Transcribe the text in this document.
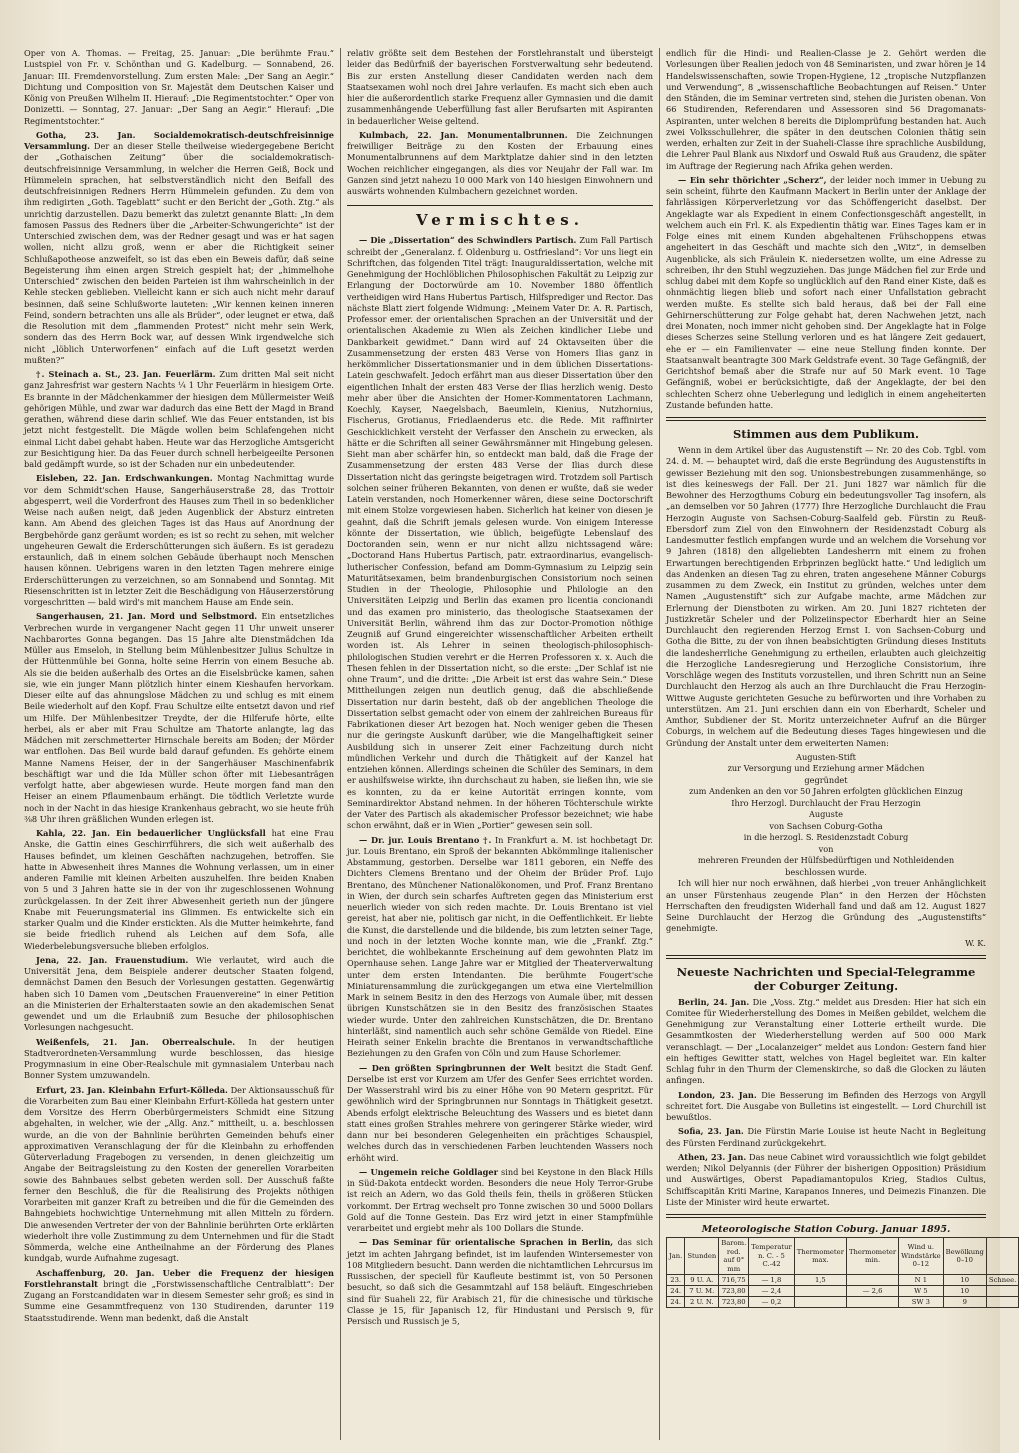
Oper von A. Thomas. — Freitag, 25. Januar: „Die berühmte Frau.“ Lustspiel von Fr. v. Schönthan und G. Kadelburg. — Sonnabend, 26. Januar: III. Fremdenvorstellung. Zum ersten Male: „Der Sang an Aegir.“ Dichtung und Composition von Sr. Majestät dem Deutschen Kaiser und König von Preußen Wilhelm II. Hierauf: „Die Regimentstochter.“ Oper von Donizetti. — Sonntag, 27. Januar: „Der Sang an Aegir.“ Hierauf: „Die Regimentstochter.“

Gotha, 23. Jan. Socialdemokratisch-deutschfreisinnige Versammlung. Der an dieser Stelle theilweise wiedergegebene Bericht der „Gothaischen Zeitung“ über die socialdemokratisch-deutschfreisinnige Versammlung, in welcher die Herren Geiß, Bock und Hümmelein sprachen, hat selbstverständlich nicht den Beifall des deutschfreisinnigen Redners Herrn Hümmelein gefunden. Zu dem von ihm redigirten „Goth. Tageblatt“ sucht er den Bericht der „Goth. Ztg.“ als unrichtig darzustellen. Dazu bemerkt das zuletzt genannte Blatt: „In dem famosen Passus des Redners über die „Arbeiter-Schwungerichte“ ist der Unterschied zwischen dem, was der Redner gesagt und was er hat sagen wollen, nicht allzu groß, wenn er aber die Richtigkeit seiner Schlußapotheose anzweifelt, so ist das eben ein Beweis dafür, daß seine Begeisterung ihm einen argen Streich gespielt hat; der „himmelhohe Unterschied“ zwischen den beiden Parteien ist ihm wahrscheinlich in der Kehle stecken geblieben. Vielleicht kann er sich auch nicht mehr darauf besinnen, daß seine Schlußworte lauteten: „Wir kennen keinen inneren Feind, sondern betrachten uns alle als Brüder“, oder leugnet er etwa, daß die Resolution mit dem „flammenden Protest“ nicht mehr sein Werk, sondern das des Herrn Bock war, auf dessen Wink irgendwelche sich nicht „löblich Unterworfenen“ einfach auf die Luft gesetzt werden mußten?“

†. Steinach a. St., 23. Jan. Feuerlärm. Zum dritten Mal seit nicht ganz Jahresfrist war gestern Nachts ¼ 1 Uhr Feuerlärm in hiesigem Orte. Es brannte in der Mädchenkammer der hiesigen dem Müllermeister Weiß gehörigen Mühle, und zwar war dadurch das eine Bett der Magd in Brand gerathen, während diese darin schlief. Wie das Feuer entstanden, ist bis jetzt nicht festgestellt. Die Mägde wollen beim Schlafengehen nicht einmal Licht dabei gehabt haben. Heute war das Herzogliche Amtsgericht zur Besichtigung hier. Da das Feuer durch schnell herbeigeeilte Personen bald gedämpft wurde, so ist der Schaden nur ein unbedeutender.

Eisleben, 22. Jan. Erdschwankungen. Montag Nachmittag wurde vor dem Schmidt'schen Hause, Sangerhäuserstraße 28, das Trottoir abgesperrt, weil die Vorderfront des Hauses zum Theil in so bedenklicher Weise nach außen neigt, daß jeden Augenblick der Absturz eintreten kann. Am Abend des gleichen Tages ist das Haus auf Anordnung der Bergbehörde ganz geräumt worden; es ist so recht zu sehen, mit welcher ungeheuren Gewalt die Erderschütterungen sich äußern. Es ist geradezu erstaunlich, daß in einem solchen Gebäude überhaupt noch Menschen hausen können. Uebrigens waren in den letzten Tagen mehrere einige Erderschütterungen zu verzeichnen, so am Sonnabend und Sonntag. Mit Riesenschritten ist in letzter Zeit die Beschädigung von Häuserzerstörung vorgeschritten — bald wird's mit manchem Hause am Ende sein.

Sangerhausen, 21. Jan. Mord und Selbstmord. Ein entsetzliches Verbrechen wurde in vergangener Nacht gegen 11 Uhr unweit unserer Nachbarortes Gonna begangen. Das 15 Jahre alte Dienstmädchen Ida Müller aus Emseloh, in Stellung beim Mühlenbesitzer Julius Schultze in der Hüttenmühle bei Gonna, holte seine Herrin von einem Besuche ab. Als sie die beiden außerhalb des Ortes an die Eiselsbrücke kamen, sahen sie, wie ein junger Mann plötzlich hinter einem Kieshaufen hervorkam. Dieser eilte auf das ahnungslose Mädchen zu und schlug es mit einem Beile wiederholt auf den Kopf. Frau Schultze eilte entsetzt davon und rief um Hilfe. Der Mühlenbesitzer Treydte, der die Hilferufe hörte, eilte herbei, als er aber mit Frau Schultze am Thatorte anlangte, lag das Mädchen mit zerschmetterter Hirnschale bereits am Boden; der Mörder war entflohen. Das Beil wurde bald darauf gefunden. Es gehörte einem Manne Namens Heiser, der in der Sangerhäuser Maschinenfabrik beschäftigt war und die Ida Müller schon öfter mit Liebesanträgen verfolgt hatte, aber abgewiesen wurde. Heute morgen fand man den Heiser an einem Pflaumenbaum erhängt. Die tödtlich Verletzte wurde noch in der Nacht in das hiesige Krankenhaus gebracht, wo sie heute früh ⅜8 Uhr ihren gräßlichen Wunden erlegen ist.

Kahla, 22. Jan. Ein bedauerlicher Unglücksfall hat eine Frau Anske, die Gattin eines Geschirrführers, die sich weit außerhalb des Hauses befindet, um kleinen Geschäften nachzugehen, betroffen. Sie hatte in Abwesenheit ihres Mannes die Wohnung verlassen, um in einer anderen Familie mit kleinen Arbeiten auszuhelfen. Ihre beiden Knaben von 5 und 3 Jahren hatte sie in der von ihr zugeschlossenen Wohnung zurückgelassen. In der Zeit ihrer Abwesenheit gerieth nun der jüngere Knabe mit Feuerungsmaterial ins Glimmen. Es entwickelte sich ein starker Qualm und die Kinder erstickten. Als die Mutter heimkehrte, fand sie beide friedlich ruhend als Leichen auf dem Sofa, alle Wiederbelebungsversuche blieben erfolglos.

Jena, 22. Jan. Frauenstudium. Wie verlautet, wird auch die Universität Jena, dem Beispiele anderer deutscher Staaten folgend, demnächst Damen den Besuch der Vorlesungen gestatten. Gegenwärtig haben sich 10 Damen vom „Deutschen Frauenvereine“ in einer Petition an die Ministerien der Erhalterstaaten sowie an den akademischen Senat gewendet und um die Erlaubniß zum Besuche der philosophischen Vorlesungen nachgesucht.

Weißenfels, 21. Jan. Oberrealschule. In der heutigen Stadtverordneten-Versammlung wurde beschlossen, das hiesige Progymnasium in eine Ober-Realschule mit gymnasialem Unterbau nach Bonner System umzuwandeln.

Erfurt, 23. Jan. Kleinbahn Erfurt-Kölleda. Der Aktionsausschuß für die Vorarbeiten zum Bau einer Kleinbahn Erfurt-Kölleda hat gestern unter dem Vorsitze des Herrn Oberbürgermeisters Schmidt eine Sitzung abgehalten, in welcher, wie der „Allg. Anz.“ mittheilt, u. a. beschlossen wurde, an die von der Bahnlinie berührten Gemeinden behufs einer approximativen Veranschlagung der für die Kleinbahn zu erhoffenden Güterverladung Fragebogen zu versenden, in denen gleichzeitig um Angabe der Beitragsleistung zu den Kosten der generellen Vorarbeiten sowie des Bahnbaues selbst gebeten werden soll. Der Ausschuß faßte ferner den Beschluß, die für die Realisirung des Projekts nöthigen Vorarbeiten mit ganzer Kraft zu betreiben und die für die Gemeinden des Bahngebiets hochwichtige Unternehmung mit allen Mitteln zu fördern. Die anwesenden Vertreter der von der Bahnlinie berührten Orte erklärten wiederholt ihre volle Zustimmung zu dem Unternehmen und für die Stadt Sömmerda, welche eine Antheilnahme an der Förderung des Planes kundgab, wurde Aufnahme zugesagt.

Aschaffenburg, 20. Jan. Ueber die Frequenz der hiesigen Forstlehranstalt bringt die „Forstwissenschaftliche Centralblatt“: Der Zugang an Forstcandidaten war in diesem Semester sehr groß; es sind in Summe eine Gesammtfrequenz von 130 Studirenden, darunter 119 Staatsstudirende. Wenn man bedenkt, daß die Anstalt

relativ größte seit dem Bestehen der Forstlehranstalt und übersteigt leider das Bedürfniß der bayerischen Forstverwaltung sehr bedeutend. Bis zur ersten Anstellung dieser Candidaten werden nach dem Staatsexamen wohl noch drei Jahre verlaufen. Es macht sich eben auch hier die außerordentlich starke Frequenz aller Gymnasien und die damit zusammenhängende Ueberfüllung fast aller Berufsarten mit Aspiranten in bedauerlicher Weise geltend.

Kulmbach, 22. Jan. Monumentalbrunnen. Die Zeichnungen freiwilliger Beiträge zu den Kosten der Erbauung eines Monumentalbrunnens auf dem Marktplatze dahier sind in den letzten Wochen reichlicher eingegangen, als dies vor Neujahr der Fall war. Im Ganzen sind jetzt nahezu 10 000 Mark von 140 hiesigen Einwohnern und auswärts wohnenden Kulmbachern gezeichnet worden.

Vermischtes.

— Die „Dissertation“ des Schwindlers Partisch. Zum Fall Partisch schreibt der „Generalanz. f. Oldenburg u. Ostfriesland“: Vor uns liegt ein Schriftchen, das folgenden Titel trägt: Inauguraldissertation, welche mit Genehmigung der Hochlöblichen Philosophischen Fakultät zu Leipzig zur Erlangung der Doctorwürde am 10. November 1880 öffentlich vertheidigen wird Hans Hubertus Partisch, Hilfsprediger und Rector. Das nächste Blatt ziert folgende Widmung: „Meinem Vater Dr. A. R. Partisch, Professor emer. der orientalischen Sprachen an der Universität und der orientalischen Akademie zu Wien als Zeichen kindlicher Liebe und Dankbarkeit gewidmet.“ Dann wird auf 24 Oktavseiten über die Zusammensetzung der ersten 483 Verse von Homers Ilias ganz in herkömmlicher Dissertationsmanier und in dem üblichen Dissertations-Latein geschwafelt. Jedoch erfährt man aus dieser Dissertation über den eigentlichen Inhalt der ersten 483 Verse der Ilias herzlich wenig. Desto mehr aber über die Ansichten der Homer-Kommentatoren Lachmann, Koechly, Kayser, Naegelsbach, Baeumlein, Kienius, Nutzhornius, Fischerus, Grotianus, Friedlaenderus etc. die Rede. Mit raffinirter Geschicklichkeit versteht der Verfasser den Anschein zu erwecken, als hätte er die Schriften all seiner Gewährsmänner mit Hingebung gelesen. Sieht man aber schärfer hin, so entdeckt man bald, daß die Frage der Zusammensetzung der ersten 483 Verse der Ilias durch diese Dissertation nicht das geringste beigetragen wird. Trotzdem soll Partisch solchen seiner früheren Bekannten, von denen er wußte, daß sie weder Latein verstanden, noch Homerkenner wären, diese seine Doctorschrift mit einem Stolze vorgewiesen haben. Sicherlich hat keiner von diesen je geahnt, daß die Schrift jemals gelesen wurde. Von einigem Interesse könnte der Dissertation, wie üblich, beigefügte Lebenslauf des Doctoranden sein, wenn er nur nicht allzu nichtssagend wäre: „Doctorand Hans Hubertus Partisch, patr. extraordinarius, evangelisch-lutherischer Confession, befand am Domm-Gymnasium zu Leipzig sein Maturitätsexamen, beim brandenburgischen Consistorium noch seinen Studien in der Theologie, Philosophie und Philologie an den Universitäten Leipzig und Berlin das examen pro licentia concionandi und das examen pro ministerio, das theologische Staatsexamen der Universität Berlin, während ihm das zur Doctor-Promotion nöthige Zeugniß auf Grund eingereichter wissenschaftlicher Arbeiten ertheilt worden ist. Als Lehrer in seinen theologisch-philosophisch-philologischen Studien verehrt er die Herren Professoren x. x. Auch die Thesen fehlen in der Dissertation nicht, so die erste: „Der Schlaf ist nie ohne Traum“, und die dritte: „Die Arbeit ist erst das wahre Sein.“ Diese Mittheilungen zeigen nun deutlich genug, daß die abschließende Dissertation nur darin besteht, daß ob der angeblichen Theologe die Dissertation selbst gemacht oder von einem der zahlreichen Bureaus für Fabrikationen dieser Art bezogen hat. Noch weniger geben die Thesen nur die geringste Auskunft darüber, wie die Mangelhaftigkeit seiner Ausbildung sich in unserer Zeit einer Fachzeitung durch nicht mündlichen Verkehr und durch die Thätigkeit auf der Kanzel hat entziehen können. Allerdings scheinen die Schüler des Seminars, in dem er aushilfsweise wirkte, ihn durchschaut zu haben, sie ließen ihn, wie sie es konnten, zu da er keine Autorität erringen konnte, vom Seminardirektor Abstand nehmen. In der höheren Töchterschule wirkte der Vater des Partisch als akademischer Professor bezeichnet; wie habe schon erwähnt, daß er in Wien „Portier“ gewesen sein soll.

— Dr. jur. Louis Brentano †. In Frankfurt a. M. ist hochbetagt Dr. jur. Louis Brentano, ein Sproß der bekannten Abkömmlinge italienischer Abstammung, gestorben. Derselbe war 1811 geboren, ein Neffe des Dichters Clemens Brentano und der Oheim der Brüder Prof. Lujo Brentano, des Münchener Nationalökonomen, und Prof. Franz Brentano in Wien, der durch sein scharfes Auftreten gegen das Ministerium erst neuerlich wieder von sich reden machte. Dr. Louis Brentano ist viel gereist, hat aber nie, politisch gar nicht, in die Oeffentlichkeit. Er liebte die Kunst, die darstellende und die bildende, bis zum letzten seiner Tage, und noch in der letzten Woche konnte man, wie die „Frankf. Ztg.“ berichtet, die wohlbekannte Erscheinung auf dem gewohnten Platz im Opernhause sehen. Lange Jahre war er Mitglied der Theaterverwaltung unter dem ersten Intendanten. Die berühmte Fougert'sche Miniaturensammlung die zurückgegangen um etwa eine Viertelmillion Mark in seinem Besitz in den des Herzogs von Aumale über, mit dessen übrigen Kunstschätzen sie in den Besitz des französischen Staates wieder wurde. Unter den zahlreichen Kunstschätzen, die Dr. Brentano hinterläßt, sind namentlich auch sehr schöne Gemälde von Riedel. Eine Heirath seiner Enkelin brachte die Brentanos in verwandtschaftliche Beziehungen zu den Grafen von Cöln und zum Hause Schorlemer.

— Den größten Springbrunnen der Welt besitzt die Stadt Genf. Derselbe ist erst vor Kurzem am Ufer des Genfer Sees errichtet worden. Der Wasserstrahl wird bis zu einer Höhe von 90 Metern gespritzt. Für gewöhnlich wird der Springbrunnen nur Sonntags in Thätigkeit gesetzt. Abends erfolgt elektrische Beleuchtung des Wassers und es bietet dann statt eines großen Strahles mehrere von geringerer Stärke wieder, wird dann nur bei besonderen Gelegenheiten ein prächtiges Schauspiel, welches durch das in verschiedenen Farben leuchtenden Wassers noch erhöht wird.

— Ungemein reiche Goldlager sind bei Keystone in den Black Hills in Süd-Dakota entdeckt worden. Besonders die neue Holy Terror-Grube ist reich an Adern, wo das Gold theils fein, theils in größeren Stücken vorkommt. Der Ertrag wechselt pro Tonne zwischen 30 und 5000 Dollars Gold auf die Tonne Gestein. Das Erz wird jetzt in einer Stampfmühle verarbeitet und ergiebt mehr als 100 Dollars die Stunde.

— Das Seminar für orientalische Sprachen in Berlin, das sich jetzt im achten Jahrgang befindet, ist im laufenden Wintersemester von 108 Mitgliedern besucht. Dann werden die nichtamtlichen Lehrcursus im Russischen, der speciell für Kaufleute bestimmt ist, von 50 Personen besucht, so daß sich die Gesammtzahl auf 158 beläuft. Eingeschrieben sind für Suaheli 22, für Arabisch 21, für die chinesische und türkische Classe je 15, für Japanisch 12, für Hindustani und Persisch 9, für Persisch und Russisch je 5,

endlich für die Hindi- und Realien-Classe je 2. Gehört werden die Vorlesungen über Realien jedoch von 48 Seminaristen, und zwar hören je 14 Handelswissenschaften, sowie Tropen-Hygiene, 12 „tropische Nutzpflanzen und Verwendung“, 8 „wissenschaftliche Beobachtungen auf Reisen.“ Unter den Ständen, die im Seminar vertreten sind, stehen die Juristen obenan. Von 66 Studirenden, Referendaren und Assessoren sind 56 Dragomanats-Aspiranten, unter welchen 8 bereits die Diplomprüfung bestanden hat. Auch zwei Volksschullehrer, die später in den deutschen Colonien thätig sein werden, erhalten zur Zeit in der Suaheli-Classe ihre sprachliche Ausbildung, die Lehrer Paul Blank aus Nixdorf und Oswald Ruß aus Graudenz, die später im Auftrage der Regierung nach Afrika gehen werden.

— Ein sehr thörichter „Scherz“, der leider noch immer in Uebung zu sein scheint, führte den Kaufmann Mackert in Berlin unter der Anklage der fahrlässigen Körperverletzung vor das Schöffengericht daselbst. Der Angeklagte war als Expedient in einem Confectionsgeschäft angestellt, in welchem auch ein Frl. K. als Expedientin thätig war. Eines Tages kam er in Folge eines mit einem Kunden abgehaltenen Frühschoppens etwas angeheitert in das Geschäft und machte sich den „Witz“, in demselben Augenblicke, als sich Fräulein K. niedersetzen wollte, um eine Adresse zu schreiben, ihr den Stuhl wegzuziehen. Das junge Mädchen fiel zur Erde und schlug dabei mit dem Kopfe so unglücklich auf den Rand einer Kiste, daß es ohnmächtig liegen blieb und sofort nach einer Unfallstation gebracht werden mußte. Es stellte sich bald heraus, daß bei der Fall eine Gehirnerschütterung zur Folge gehabt hat, deren Nachwehen jetzt, nach drei Monaten, noch immer nicht gehoben sind. Der Angeklagte hat in Folge dieses Scherzes seine Stellung verloren und es hat längere Zeit gedauert, ehe er — ein Familienvater — eine neue Stellung finden konnte. Der Staatsanwalt beantragte 300 Mark Geldstrafe event. 30 Tage Gefängniß, der Gerichtshof bemaß aber die Strafe nur auf 50 Mark event. 10 Tage Gefängniß, wobei er berücksichtigte, daß der Angeklagte, der bei den schlechten Scherz ohne Ueberlegung und lediglich in einem angeheiterten Zustande befunden hatte.

Stimmen aus dem Publikum.
Wenn in dem Artikel über das Augustenstift — Nr. 20 des Cob. Tgbl. vom 24. d. M. — behauptet wird, daß die erste Begründung des Augustenstifts in gewisser Beziehung mit den sog. Unionsbestrebungen zusammenhänge, so ist dies keineswegs der Fall. Der 21. Juni 1827 war nämlich für die Bewohner des Herzogthums Coburg ein bedeutungsvoller Tag insofern, als „an demselben vor 50 Jahren (1777) Ihre Herzogliche Durchlaucht die Frau Herzogin Auguste von Sachsen-Coburg-Saalfeld geb. Fürstin zu Reuß-Ebersdorf zum Ziel von den Einwohnern der Residenzstadt Coburg als Landesmutter festlich empfangen wurde und an welchem die Vorsehung vor 9 Jahren (1818) den allgeliebten Landesherrn mit einem zu frohen Erwartungen berechtigenden Erbprinzen beglückt hatte.“ Und lediglich um das Andenken an diesen Tag zu ehren, traten angesehene Männer Coburgs zusammen zu dem Zweck, ein Institut zu gründen, welches unter dem Namen „Augustenstift“ sich zur Aufgabe machte, arme Mädchen zur Erlernung der Dienstboten zu wirken. Am 20. Juni 1827 richteten der Justizkretär Scheler und der Polizeiinspector Eberhardt hier an Seine Durchlaucht den regierenden Herzog Ernst I. von Sachsen-Coburg und Gotha die Bitte, zu der von ihnen beabsichtigten Gründung dieses Instituts die landesherrliche Genehmigung zu ertheilen, erlaubten auch gleichzeitig die Herzogliche Landesregierung und Herzogliche Consistorium, ihre Vorschläge wegen des Instituts vorzustellen, und ihren Schritt nun an Seine Durchlaucht den Herzog als auch an Ihre Durchlaucht die Frau Herzogin-Wittwe Auguste gerichteten Gesuche zu befürworten und ihre Vorhaben zu unterstützen. Am 21. Juni erschien dann ein von Eberhardt, Scheler und Amthor, Subdiener der St. Moritz unterzeichneter Aufruf an die Bürger Coburgs, in welchem auf die Bedeutung dieses Tages hingewiesen und die Gründung der Anstalt unter dem erweiterten Namen:
Augusten-Stift
zur Versorgung und Erziehung armer Mädchen
gegründet
zum Andenken an den vor 50 Jahren erfolgten glücklichen Einzug
Ihro Herzogl. Durchlaucht der Frau Herzogin
Auguste
von Sachsen Coburg-Gotha
in die herzogl. S. Residenzstadt Coburg
von
mehreren Freunden der Hülfsbedürftigen und Nothleidenden
beschlossen wurde.
Ich will hier nur noch erwähnen, daß hierbei „von treuer Anhänglichkeit an unser Fürstenhaus zeugende Plan“ in den Herzen der Höchsten Herrschaften den freudigsten Widerhall fand und daß am 12. August 1827 Seine Durchlaucht der Herzog die Gründung des „Augustenstifts“ genehmigte.
W. K.
Neueste Nachrichten und Special-Telegramme der Coburger Zeitung.

Berlin, 24. Jan. Die „Voss. Ztg.“ meldet aus Dresden: Hier hat sich ein Comitee für Wiederherstellung des Domes in Meißen gebildet, welchem die Genehmigung zur Veranstaltung einer Lotterie ertheilt wurde. Die Gesammtkosten der Wiederherstellung werden auf 500 000 Mark veranschlagt. — Der „Localanzeiger“ meldet aus London: Gestern fand hier ein heftiges Gewitter statt, welches von Hagel begleitet war. Ein kalter Schlag fuhr in den Thurm der Clemenskirche, so daß die Glocken zu läuten anfingen.

London, 23. Jan. Die Besserung im Befinden des Herzogs von Argyll schreitet fort. Die Ausgabe von Bulletins ist eingestellt. — Lord Churchill ist bewußtlos.

Sofia, 23. Jan. Die Fürstin Marie Louise ist heute Nacht in Begleitung des Fürsten Ferdinand zurückgekehrt.

Athen, 23. Jan. Das neue Cabinet wird voraussichtlich wie folgt gebildet werden; Nikol Delyannis (der Führer der bisherigen Opposition) Präsidium und Auswärtiges, Oberst Papadiamantopulos Krieg, Stadios Cultus, Schiffscapitän Kriti Marine, Karapanos Inneres, und Deimezis Finanzen. Die Liste der Minister wird heute erwartet.

Meteorologische Station Coburg. Januar 1895.
Jan.	Stunden	Barom. red. auf 0° mm	Temperatur n. C. ‑ 5 C.‑42	Thermometer max.	Thermometer min.	Wind u. Windstärke 0–12	Bewölkung 0–10	
23.	9 U. A.	716,75	— 1,8	1,5		N 1	10	Schnee.
24.	7 U. M.	723,80	— 2,4		— 2,6	W 5	10	
24.	2 U. N.	723,80	— 0,2			SW 3	9	
